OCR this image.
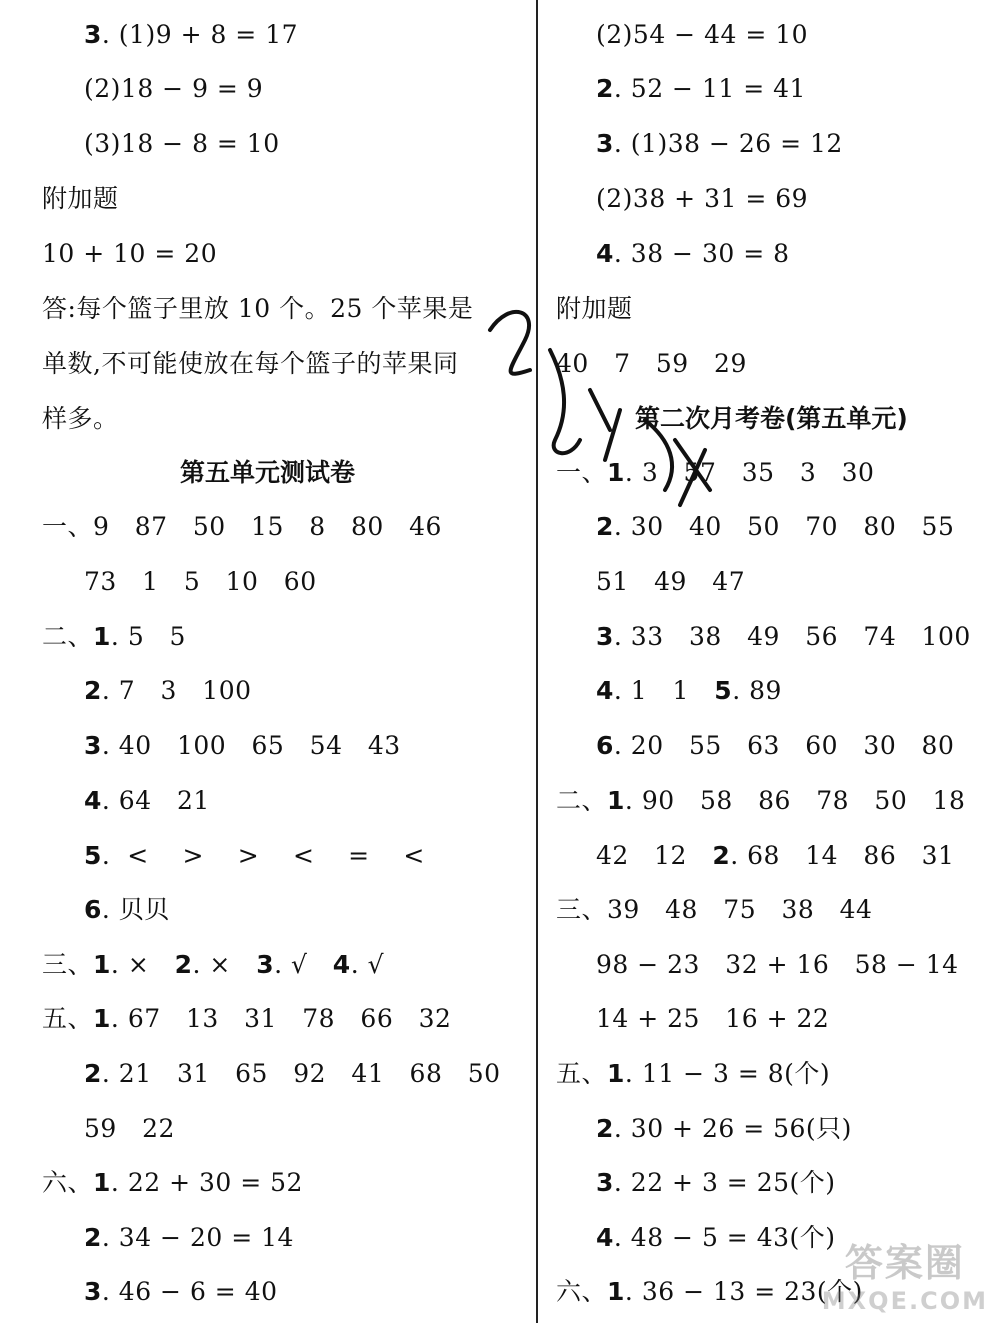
3. (1)9 + 8 = 17
(2)18 − 9 = 9
(3)18 − 8 = 10
附加题
10 + 10 = 20
答:每个篮子里放 10 个。25 个苹果是
单数,不可能使放在每个篮子的苹果同
样多。
第五单元测试卷
一、9   87   50   15   8   80   46
73   1   5   10   60
二、1. 5   5
2. 7   3   100
3. 40   100   65   54   43
4. 64   21
5.  <    >    >    <    =    <
6. 贝贝
三、1. ×   2. ×   3. √   4. √
五、1. 67   13   31   78   66   32
2. 21   31   65   92   41   68   50
59   22
六、1. 22 + 30 = 52
2. 34 − 20 = 14
3. 46 − 6 = 40
(2)54 − 44 = 10
2. 52 − 11 = 41
3. (1)38 − 26 = 12
(2)38 + 31 = 69
4. 38 − 30 = 8
附加题
40   7   59   29
第二次月考卷(第五单元)
一、1. 3   57   35   3   30
2. 30   40   50   70   80   55
51   49   47
3. 33   38   49   56   74   100
4. 1   1   5. 89
6. 20   55   63   60   30   80
二、1. 90   58   86   78   50   18
42   12   2. 68   14   86   31
三、39   48   75   38   44
98 − 23   32 + 16   58 − 14
14 + 25   16 + 22
五、1. 11 − 3 = 8(个)
2. 30 + 26 = 56(只)
3. 22 + 3 = 25(个)
4. 48 − 5 = 43(个)
六、1. 36 − 13 = 23(个)
答案圈
MXQE.COM
